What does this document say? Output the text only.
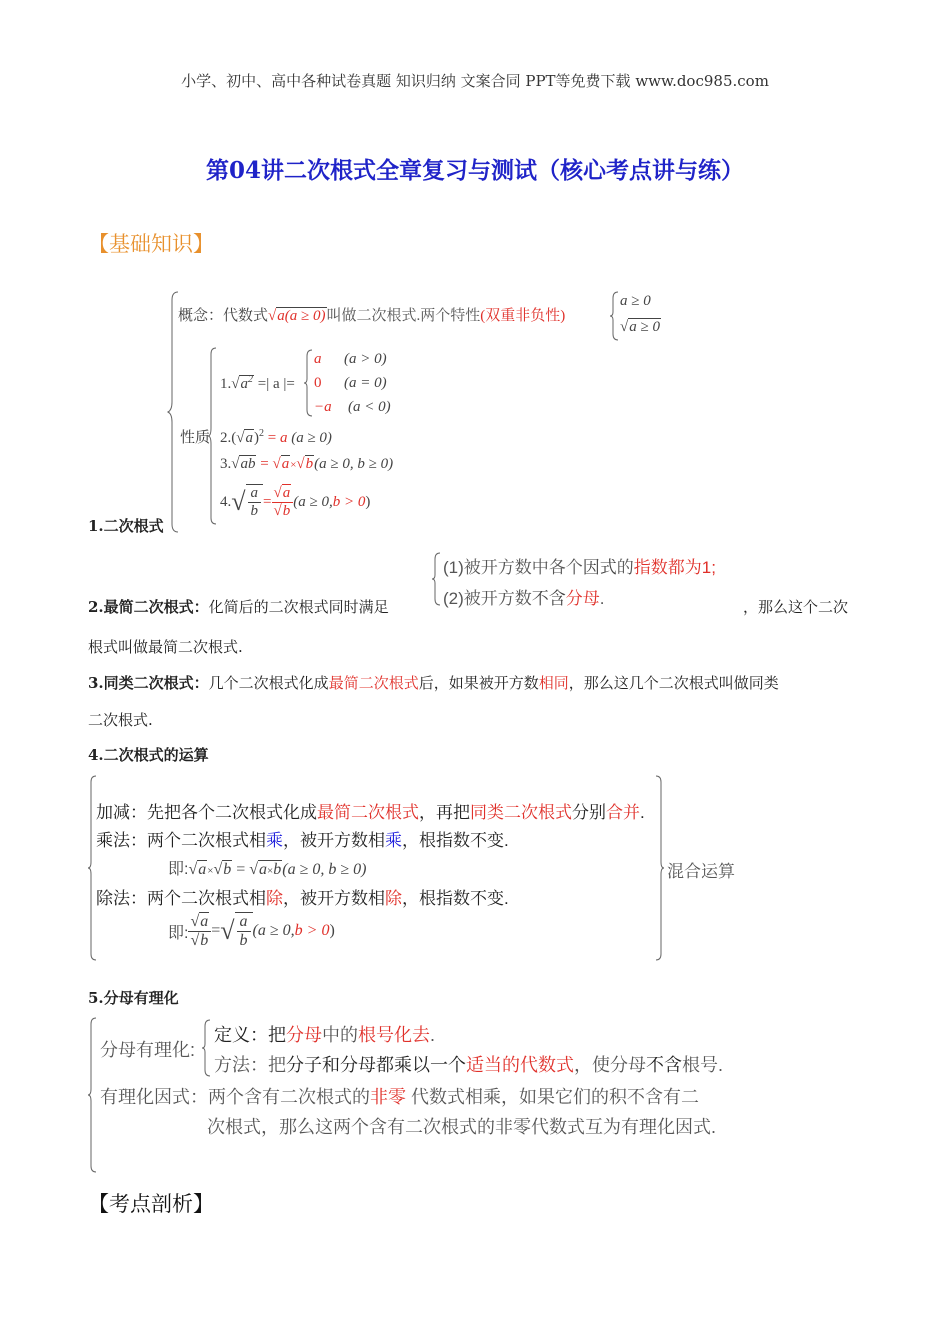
小学、初中、高中各种试卷真题 知识归纳 文案合同 PPT等免费下载 www.doc985.com
第04讲二次根式全章复习与测试（核心考点讲与练）
【基础知识】
概念：代数式√a(a ≥ 0)叫做二次根式.两个特性(双重非负性)
a ≥ 0
√a ≥ 0
性质
$1.√a^2$ =| a |=
a (a > 0)
0 (a = 0)
−a (a < 0)
$2.(√a)^2 = a$ (a ≥ 0)
3.√ab = √a×√b(a ≥ 0, b ≥ 0)
4. √ $\frac{a}{b} = \frac{√a}{√b} (a \ge 0$, b > 0 )
1.二次根式
(1)被开方数中各个因式的指数都为1;
(2)被开方数不含分母.
2.最简二次根式：化简后的二次根式同时满足	，那么这个二次
根式叫做最简二次根式.
3.同类二次根式：几个二次根式化成最简二次根式后，如果被开方数相同，那么这几个二次根式叫做同类
二次根式.
4.二次根式的运算
加减：先把各个二次根式化成最简二次根式，再把同类二次根式分别合并.
乘法：两个二次根式相乘，被开方数相乘，根指数不变.
即:√a×√b = √a×b(a ≥ 0, b ≥ 0)
除法：两个二次根式相除，被开方数相除，根指数不变.
即: $\frac{√a}{√b}$ = √ a
b
(a ≥ 0, b > 0 )
混合运算
5.分母有理化
分母有理化:
定义：把分母中的根号化去.
方法：把分子和分母都乘以一个适当的代数式，使分母不含根号.
有理化因式：两个含有二次根式的非零 代数式相乘，如果它们的积不含有二
次根式，那么这两个含有二次根式的非零代数式互为有理化因式.
【考点剖析】
